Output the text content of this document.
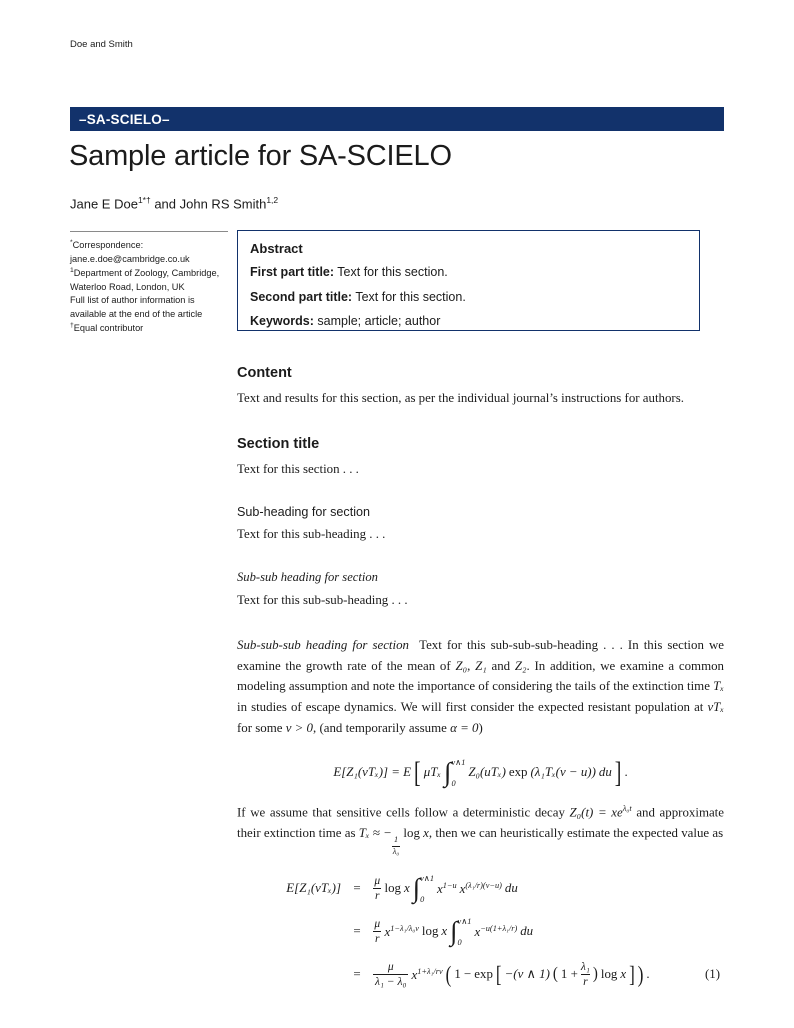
Doe and Smith
–SA-SCIELO–
Sample article for SA-SCIELO
Jane E Doe$^{1*\dagger}$ and John RS Smith$^{1,2}$
*Correspondence: jane.e.doe@cambridge.co.uk
$^1$Department of Zoology, Cambridge, Waterloo Road, London, UK
Full list of author information is available at the end of the article
†Equal contributor
Abstract

First part title: Text for this section.

Second part title: Text for this section.

Keywords: sample; article; author

Content

Text and results for this section, as per the individual journal’s instructions for authors.

Section title

Text for this section . . .

Sub-heading for section

Text for this sub-heading . . .

Sub-sub heading for section

Text for this sub-sub-heading . . .

Sub-sub-sub heading for section Text for this sub-sub-sub-heading . . . In this section we examine the growth rate of the mean of Z₀, Z₁ and Z₂. In addition, we examine a common modeling assumption and note the importance of considering the tails of the extinction time Tₓ in studies of escape dynamics. We will first consider the expected resistant population at vTₓ for some v > 0, (and temporarily assume α = 0)

E[Z₁(vTₓ)] = E [ μTₓ ∫ v∧1
0
Z₀(uTₓ) exp (λ₁Tₓ(v − u)) du ] .

If we assume that sensitive cells follow a deterministic decay $Z_0(t) = xe^{\lambda_0t}$ and approximate their extinction time as Tₓ ≈ −
$\frac{1}{\text{λ₀}}$
log x, then we can heuristically estimate the expected value as

E[Z₁(vTₓ)] =	$\frac{\mu}{r}$ log x ∫ v∧1
0
$x^{1-u}$ $x^{(\lambda_1/r)(v-u)}$ du
=	$\frac{\mu}{r} x^{1-\lambda_1/\lambda_0v}$ log x ∫ v∧1
0
$x^{-u(1+\lambda_1/r)}$ du
=	$\frac{\mu}{\text{λ₁ − λ₀}} x^{1+\lambda_1/rv}$ ( 1 − exp [ −(v ∧ 1) ( $1 + \frac{\text{λ₁}}{r}$ ) log x ] ) .	(1)
